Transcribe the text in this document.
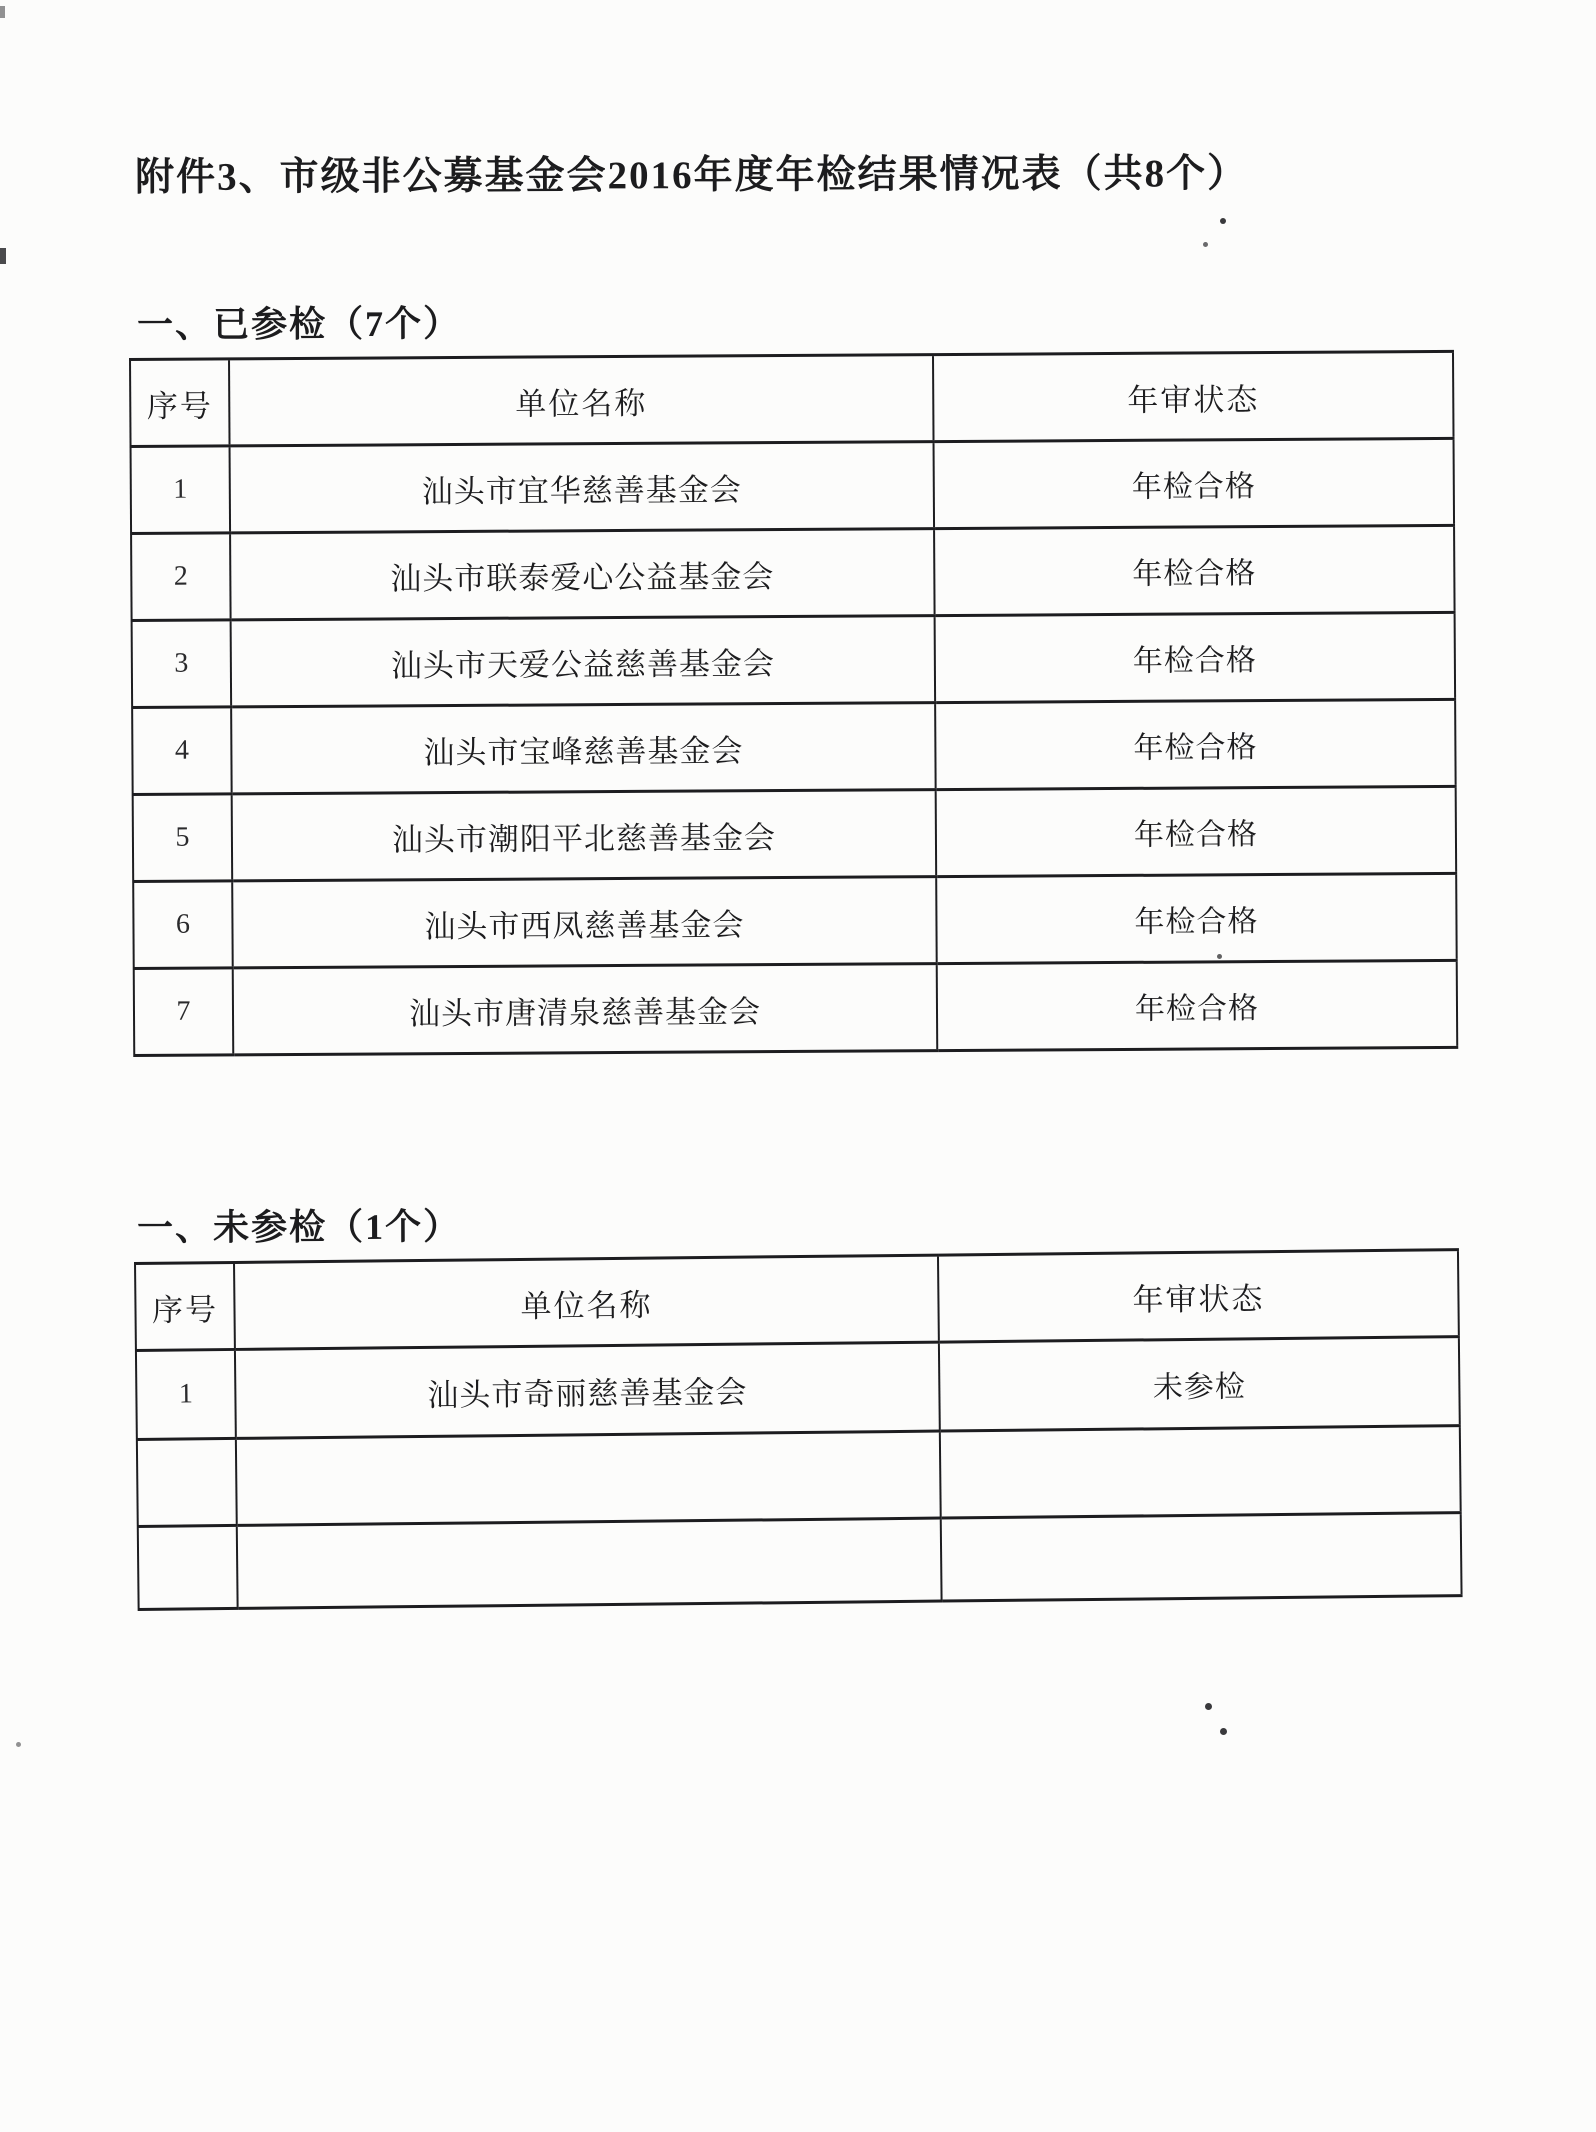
附件3、市级非公募基金会2016年度年检结果情况表（共8个）
一、已参检（7个）
序号	单位名称	年审状态
1	汕头市宜华慈善基金会	年检合格
2	汕头市联泰爱心公益基金会	年检合格
3	汕头市天爱公益慈善基金会	年检合格
4	汕头市宝峰慈善基金会	年检合格
5	汕头市潮阳平北慈善基金会	年检合格
6	汕头市西凤慈善基金会	年检合格
7	汕头市唐清泉慈善基金会	年检合格
一、未参检（1个）
序号	单位名称	年审状态
1	汕头市奇丽慈善基金会	未参检
